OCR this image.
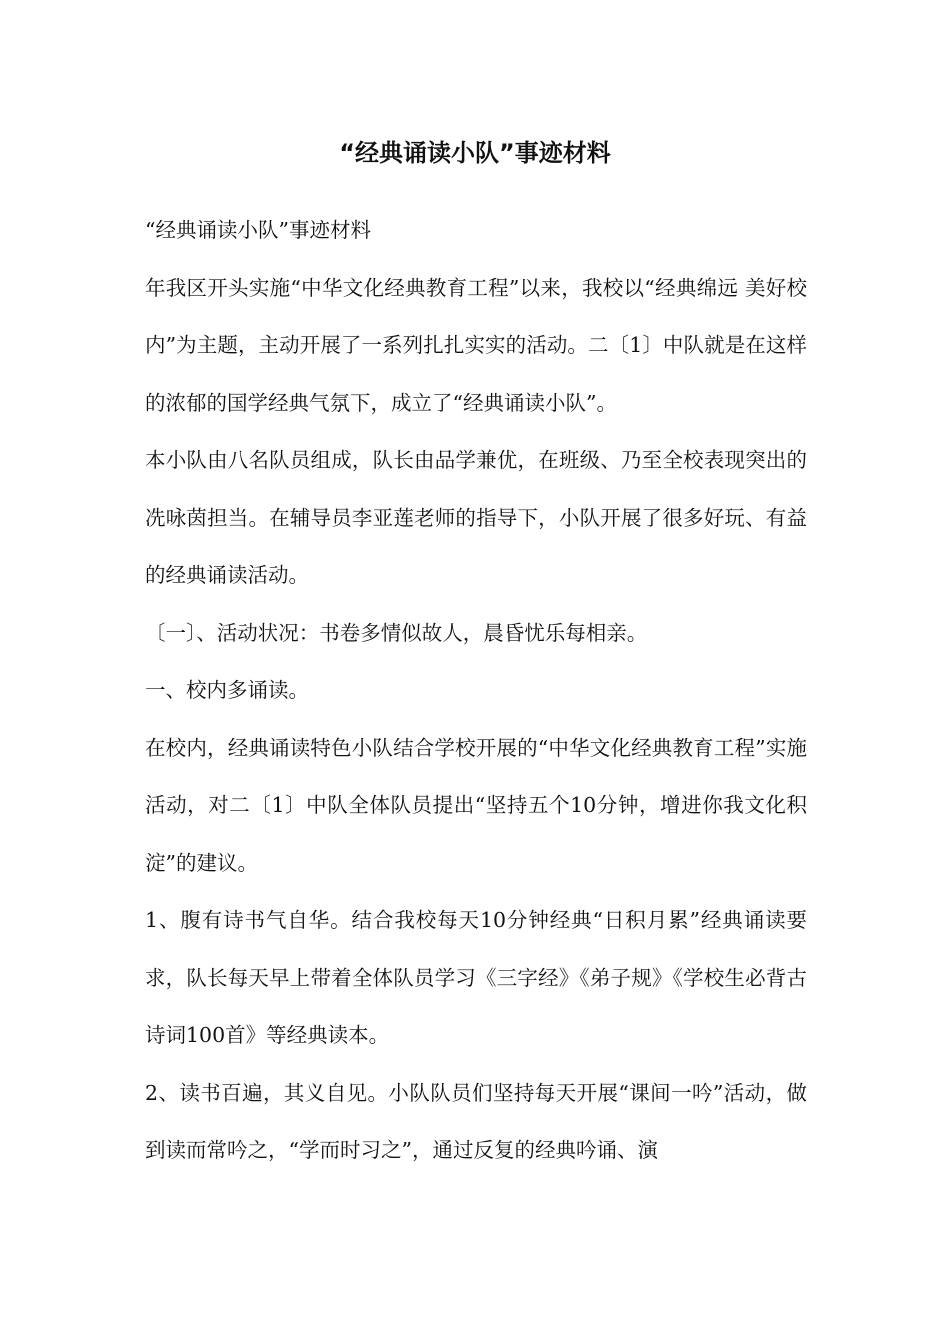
“经典诵读小队”事迹材料

“经典诵读小队”事迹材料

年我区开头实施“中华文化经典教育工程”以来，我校以“经典绵远 美好校内”为主题，主动开展了一系列扎扎实实的活动。二〔1〕中队就是在这样的浓郁的国学经典气氛下，成立了“经典诵读小队”。

本小队由八名队员组成，队长由品学兼优，在班级、乃至全校表现突出的冼咏茵担当。在辅导员李亚莲老师的指导下，小队开展了很多好玩、有益的经典诵读活动。

〔一〕、活动状况：书卷多情似故人，晨昏忧乐每相亲。

一、校内多诵读。

在校内，经典诵读特色小队结合学校开展的“中华文化经典教育工程”实施活动，对二〔1〕中队全体队员提出“坚持五个10分钟，增进你我文化积淀”的建议。

1、腹有诗书气自华。结合我校每天10分钟经典“日积月累”经典诵读要求，队长每天早上带着全体队员学习《三字经》《弟子规》《学校生必背古诗词100首》等经典读本。

2、读书百遍，其义自见。小队队员们坚持每天开展“课间一吟”活动，做到读而常吟之，“学而时习之”，通过反复的经典吟诵、演
